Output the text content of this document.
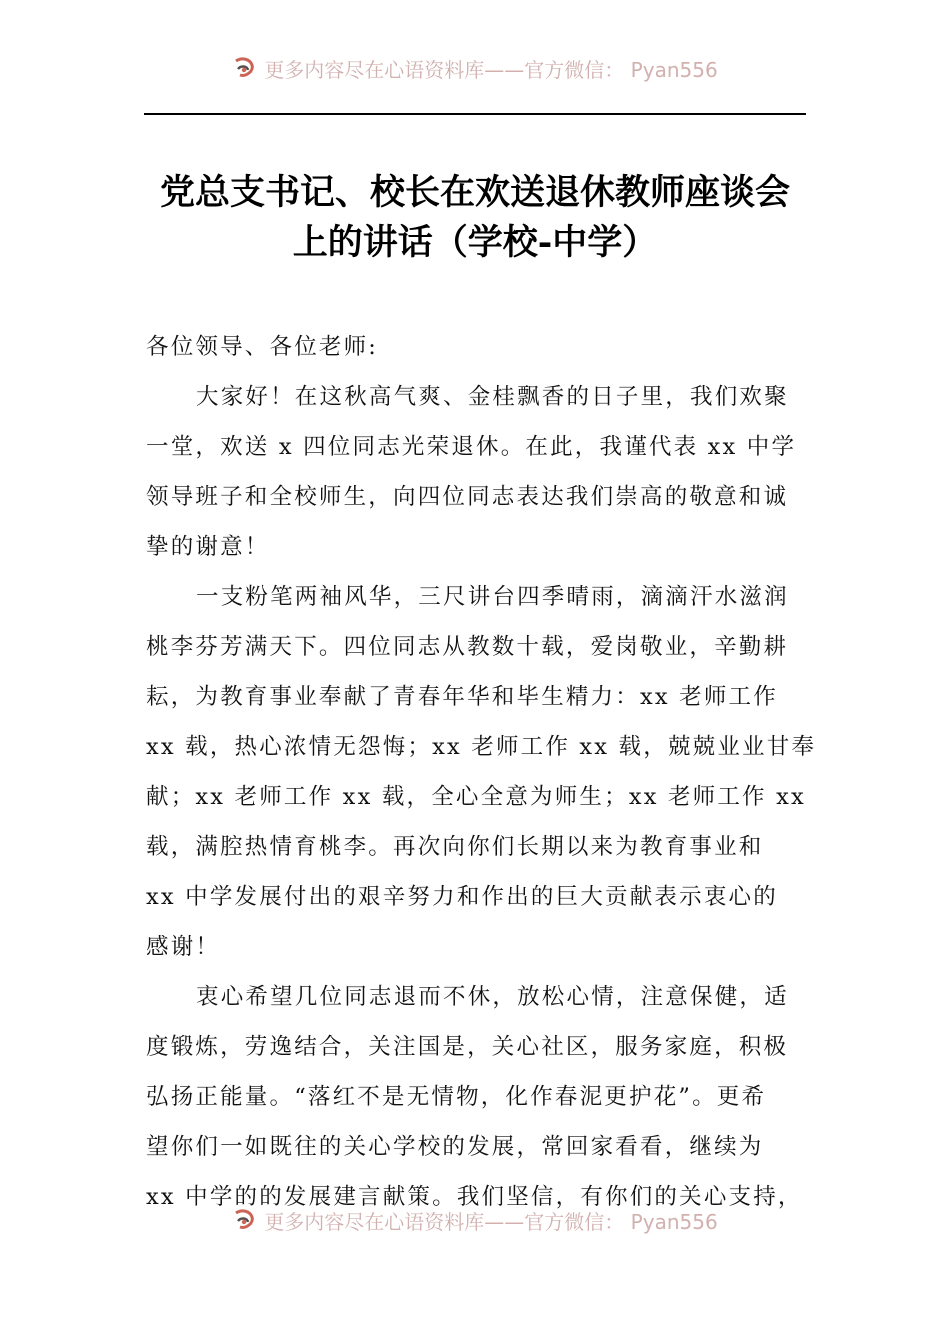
更多内容尽在心语资料库——官方微信： Pyan556
党总支书记、校长在欢送退休教师座谈会
上的讲话（学校-中学）
各位领导、各位老师:
大家好！在这秋高气爽、金桂飘香的日子里，我们欢聚
一堂，欢送 x 四位同志光荣退休。在此，我谨代表 xx 中学
领导班子和全校师生，向四位同志表达我们崇高的敬意和诚
挚的谢意！
一支粉笔两袖风华，三尺讲台四季晴雨，滴滴汗水滋润
桃李芬芳满天下。四位同志从教数十载，爱岗敬业，辛勤耕
耘，为教育事业奉献了青春年华和毕生精力：xx 老师工作
xx 载，热心浓情无怨悔；xx 老师工作 xx 载，兢兢业业甘奉
献；xx 老师工作 xx 载，全心全意为师生；xx 老师工作 xx
载，满腔热情育桃李。再次向你们长期以来为教育事业和
xx 中学发展付出的艰辛努力和作出的巨大贡献表示衷心的
感谢！
衷心希望几位同志退而不休，放松心情，注意保健，适
度锻炼，劳逸结合，关注国是，关心社区，服务家庭，积极
弘扬正能量。“落红不是无情物，化作春泥更护花”。更希
望你们一如既往的关心学校的发展，常回家看看，继续为
xx 中学的的发展建言献策。我们坚信，有你们的关心支持，
更多内容尽在心语资料库——官方微信： Pyan556
